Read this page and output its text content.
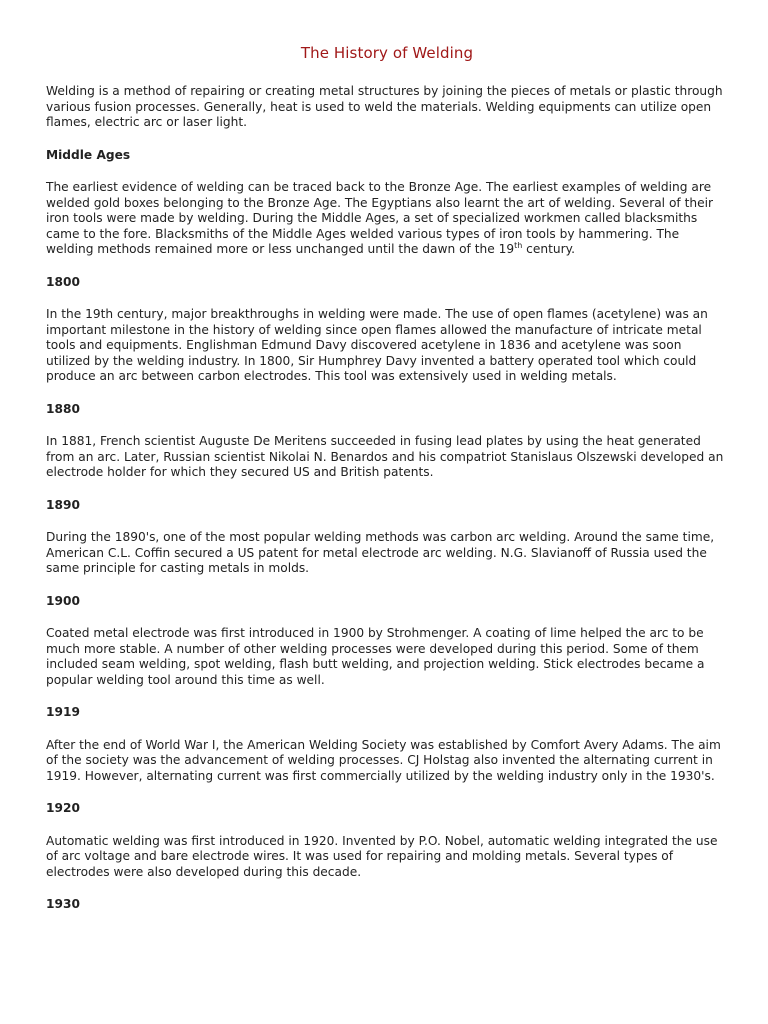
The History of Welding

Welding is a method of repairing or creating metal structures by joining the pieces of metals or plastic through various fusion processes. Generally, heat is used to weld the materials. Welding equipments can utilize open flames, electric arc or laser light.

Middle Ages

The earliest evidence of welding can be traced back to the Bronze Age. The earliest examples of welding are welded gold boxes belonging to the Bronze Age. The Egyptians also learnt the art of welding. Several of their iron tools were made by welding. During the Middle Ages, a set of specialized workmen called blacksmiths came to the fore. Blacksmiths of the Middle Ages welded various types of iron tools by hammering. The welding methods remained more or less unchanged until the dawn of the 19th century.

1800

In the 19th century, major breakthroughs in welding were made. The use of open flames (acetylene) was an important milestone in the history of welding since open flames allowed the manufacture of intricate metal tools and equipments. Englishman Edmund Davy discovered acetylene in 1836 and acetylene was soon utilized by the welding industry. In 1800, Sir Humphrey Davy invented a battery operated tool which could produce an arc between carbon electrodes. This tool was extensively used in welding metals.

1880

In 1881, French scientist Auguste De Meritens succeeded in fusing lead plates by using the heat generated from an arc. Later, Russian scientist Nikolai N. Benardos and his compatriot Stanislaus Olszewski developed an electrode holder for which they secured US and British patents.

1890

During the 1890's, one of the most popular welding methods was carbon arc welding. Around the same time, American C.L. Coffin secured a US patent for metal electrode arc welding. N.G. Slavianoff of Russia used the same principle for casting metals in molds.

1900

Coated metal electrode was first introduced in 1900 by Strohmenger. A coating of lime helped the arc to be much more stable. A number of other welding processes were developed during this period. Some of them included seam welding, spot welding, flash butt welding, and projection welding. Stick electrodes became a popular welding tool around this time as well.

1919

After the end of World War I, the American Welding Society was established by Comfort Avery Adams. The aim of the society was the advancement of welding processes. CJ Holstag also invented the alternating current in 1919. However, alternating current was first commercially utilized by the welding industry only in the 1930's.

1920

Automatic welding was first introduced in 1920. Invented by P.O. Nobel, automatic welding integrated the use of arc voltage and bare electrode wires. It was used for repairing and molding metals. Several types of electrodes were also developed during this decade.

1930
